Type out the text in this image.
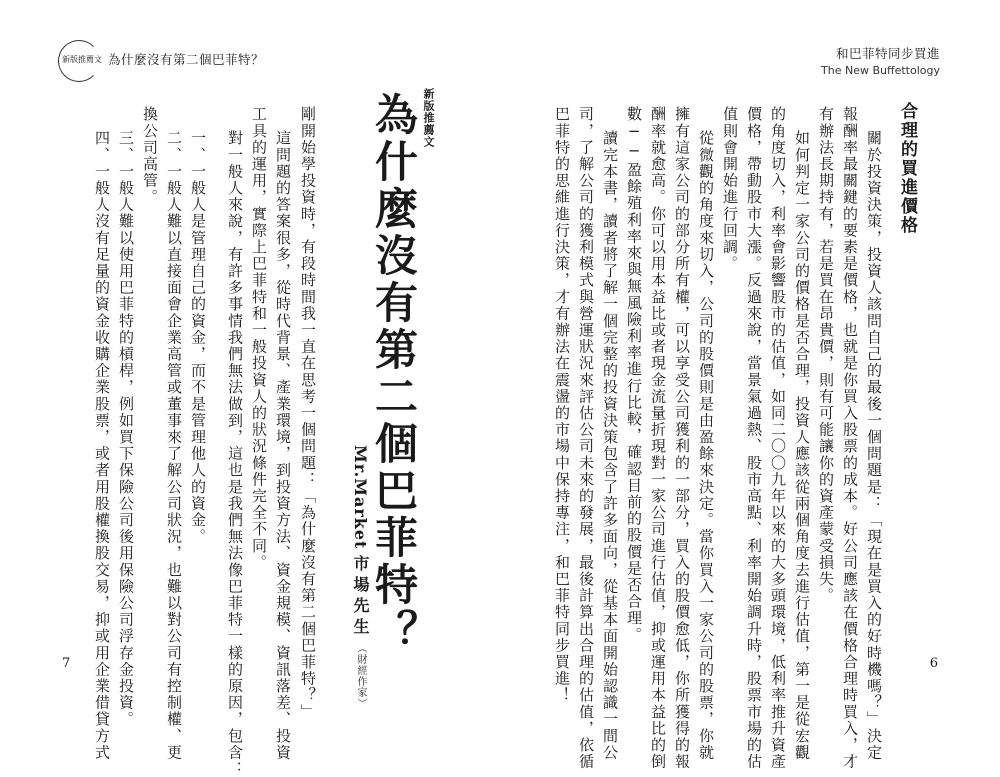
新版推薦文 為什麼沒有第二個巴菲特？
7
新版推薦文
為什麼沒有第二個巴菲特？
Mr.Market
市場先生
（財經作家）
剛開始學投資時，有段時間我一直在思考一個問題：「為什麼沒有第二個巴菲特？」
這問題的答案很多，從時代背景、產業環境，到投資方法、資金規模、資訊落差、投資
工具的運用，實際上巴菲特和一般投資人的狀況條件完全不同。
對一般人來說，有許多事情我們無法做到，這也是我們無法像巴菲特一樣的原因，包含：
一、一般人是管理自己的資金，而不是管理他人的資金。
二、一般人難以直接面會企業高管或董事來了解公司狀況，也難以對公司有控制權、更
換公司高管。
三、一般人難以使用巴菲特的槓桿，例如買下保險公司後用保險公司浮存金投資。
四、一般人沒有足量的資金收購企業股票，或者用股權換股交易，抑或用企業借貸方式
和巴菲特同步買進
The New Buffettology
6
合理的買進價格
關於投資決策，投資人該問自己的最後一個問題是：「現在是買入的好時機嗎？」決定
報酬率最關鍵的要素是價格，也就是你買入股票的成本。好公司應該在價格合理時買入，才
有辦法長期持有，若是買在昂貴價，則有可能讓你的資產蒙受損失。
如何判定一家公司的價格是否合理，投資人應該從兩個角度去進行估值，第一是從宏觀
的角度切入，利率會影響股市的估值，如同二〇〇九年以來的大多頭環境，低利率推升資產
價格，帶動股市大漲。反過來說，當景氣過熱、股市高點、利率開始調升時，股票市場的估
值則會開始進行回調。
從微觀的角度來切入，公司的股價則是由盈餘來決定。當你買入一家公司的股票，你就
擁有這家公司的部分所有權，可以享受公司獲利的一部分，買入的股價愈低，你所獲得的報
酬率就愈高。你可以用本益比或者現金流量折現對一家公司進行估值，抑或運用本益比的倒
數──盈餘殖利率來與無風險利率進行比較，確認目前的股價是否合理。
讀完本書，讀者將了解一個完整的投資決策包含了許多面向，從基本面開始認識一間公
司，了解公司的獲利模式與營運狀況來評估公司未來的發展，最後計算出合理的估值，依循
巴菲特的思維進行決策，才有辦法在震盪的市場中保持專注，和巴菲特同步買進！
